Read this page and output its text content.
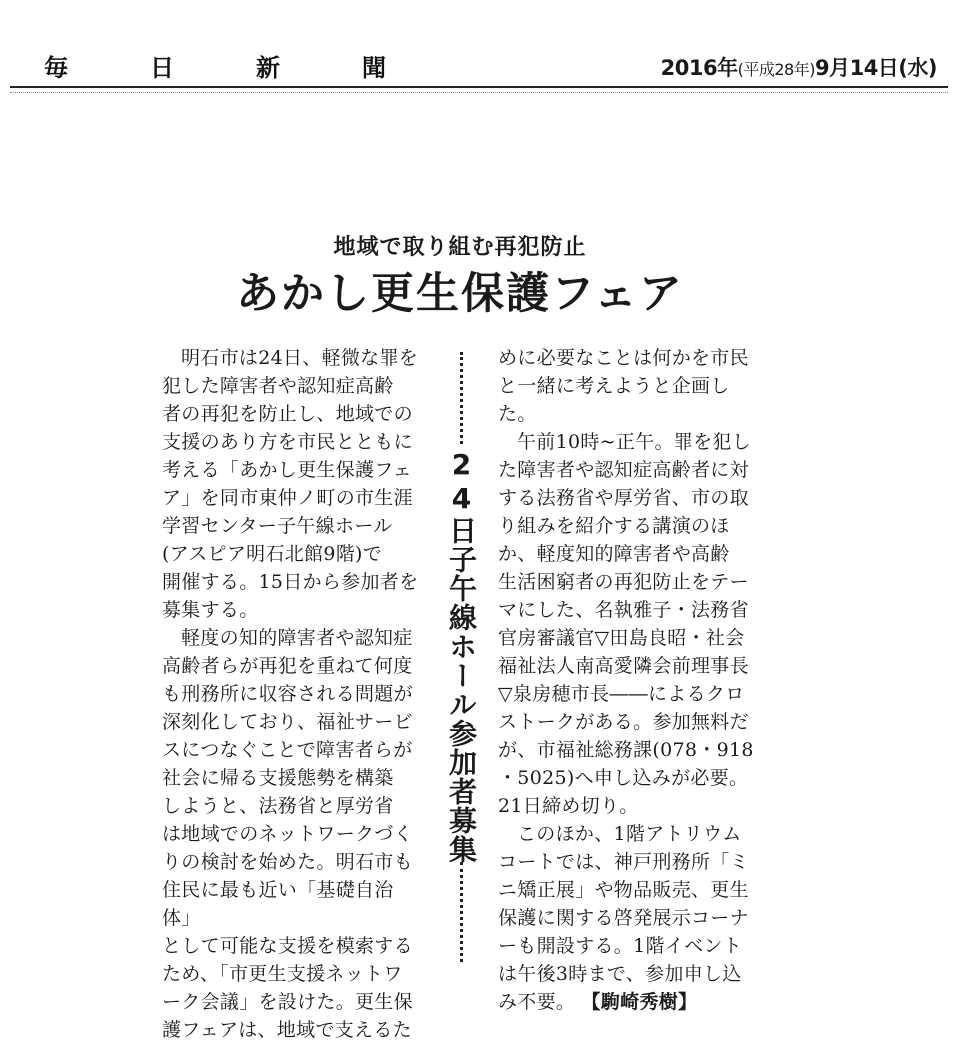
毎	日	新	聞	2016年(平成28年)9月14日(水)
地域で取り組む再犯防止
あかし更生保護フェア

明石市は24日、軽微な罪を
犯した障害者や認知症高齢
者の再犯を防止し、地域での
支援のあり方を市民とともに
考える「あかし更生保護フェ
ア」を同市東仲ノ町の市生涯
学習センター子午線ホール
(アスピア明石北館9階)で
開催する。15日から参加者を
募集する。

軽度の知的障害者や認知症
高齢者らが再犯を重ねて何度
も刑務所に収容される問題が
深刻化しており、福祉サービ
スにつなぐことで障害者らが
社会に帰る支援態勢を構築
しようと、法務省と厚労省
は地域でのネットワークづく
りの検討を始めた。明石市も
住民に最も近い「基礎自治体」
として可能な支援を模索する
ため、「市更生支援ネットワ
ーク会議」を設けた。更生保
護フェアは、地域で支えるた

24日子午線ホール参加者募集

めに必要なことは何かを市民
と一緒に考えようと企画し
た。

午前10時~正午。罪を犯し
た障害者や認知症高齢者に対
する法務省や厚労省、市の取
り組みを紹介する講演のほ
か、軽度知的障害者や高齢
生活困窮者の再犯防止をテー
マにした、名執雅子・法務省
官房審議官▽田島良昭・社会
福祉法人南高愛隣会前理事長
▽泉房穂市長――によるクロ
ストークがある。参加無料だ
が、市福祉総務課(078・918
・5025)へ申し込みが必要。
21日締め切り。

このほか、1階アトリウム
コートでは、神戸刑務所「ミ
ニ矯正展」や物品販売、更生
保護に関する啓発展示コーナ
ーも開設する。1階イベント
は午後3時まで、参加申し込
み不要。 【駒崎秀樹】
